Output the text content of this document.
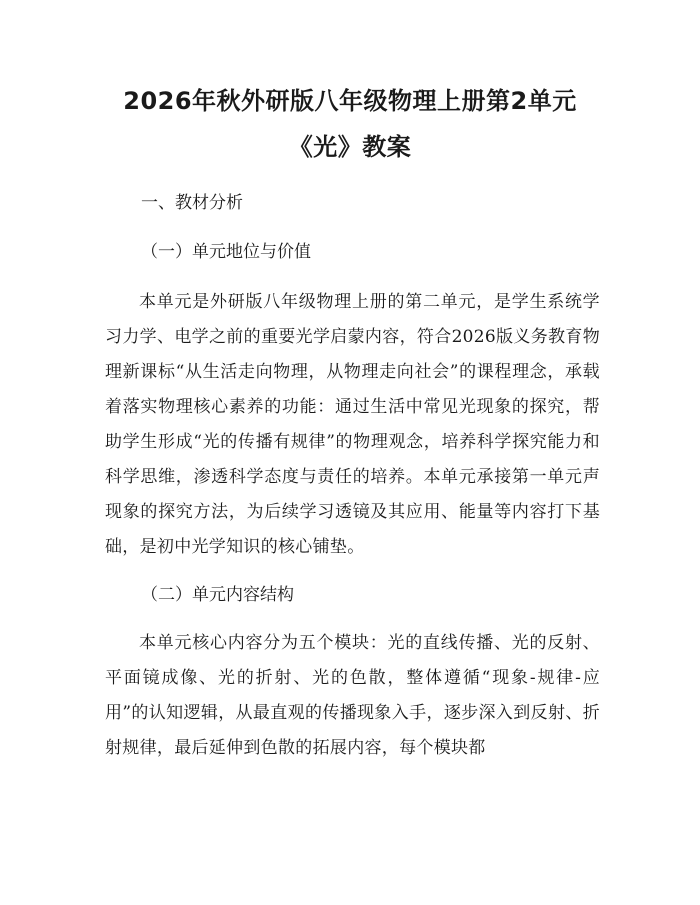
2026年秋外研版八年级物理上册第2单元
《光》教案
一、教材分析
（一）单元地位与价值

本单元是外研版八年级物理上册的第二单元，是学生系统学习力学、电学之前的重要光学启蒙内容，符合2026版义务教育物理新课标“从生活走向物理，从物理走向社会”的课程理念，承载着落实物理核心素养的功能：通过生活中常见光现象的探究，帮助学生形成“光的传播有规律”的物理观念，培养科学探究能力和科学思维，渗透科学态度与责任的培养。本单元承接第一单元声现象的探究方法，为后续学习透镜及其应用、能量等内容打下基础，是初中光学知识的核心铺垫。

（二）单元内容结构

本单元核心内容分为五个模块：光的直线传播、光的反射、平面镜成像、光的折射、光的色散，整体遵循“现象-规律-应用”的认知逻辑，从最直观的传播现象入手，逐步深入到反射、折射规律，最后延伸到色散的拓展内容，每个模块都
